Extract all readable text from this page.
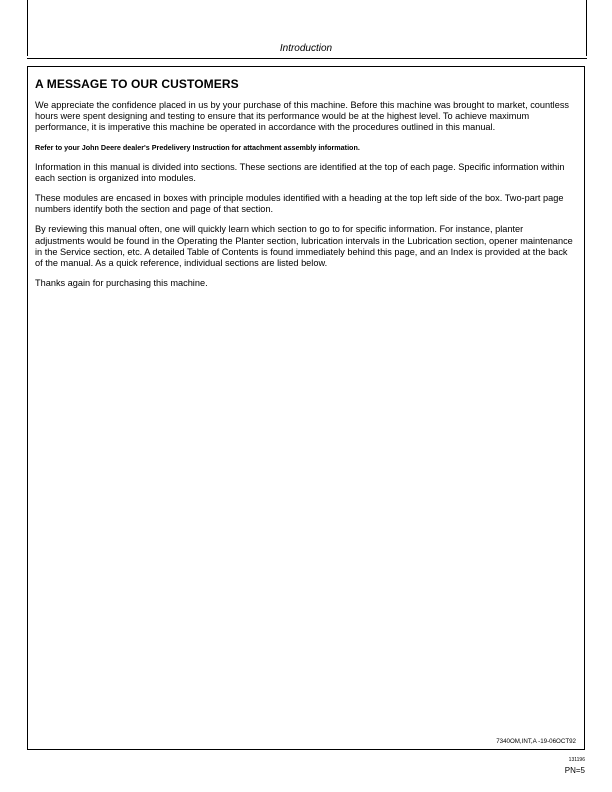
Introduction
A MESSAGE TO OUR CUSTOMERS

We appreciate the confidence placed in us by your purchase of this machine. Before this machine was brought to market, countless hours were spent designing and testing to ensure that its performance would be at the highest level. To achieve maximum performance, it is imperative this machine be operated in accordance with the procedures outlined in this manual.

Refer to your John Deere dealer's Predelivery Instruction for attachment assembly information.

Information in this manual is divided into sections. These sections are identified at the top of each page. Specific information within each section is organized into modules.

These modules are encased in boxes with principle modules identified with a heading at the top left side of the box. Two-part page numbers identify both the section and page of that section.

By reviewing this manual often, one will quickly learn which section to go to for specific information. For instance, planter adjustments would be found in the Operating the Planter section, lubrication intervals in the Lubrication section, opener maintenance in the Service section, etc. A detailed Table of Contents is found immediately behind this page, and an Index is provided at the back of the manual. As a quick reference, individual sections are listed below.

Thanks again for purchasing this machine.

7340OM,INT,A -19-06OCT92
131196
PN=5
